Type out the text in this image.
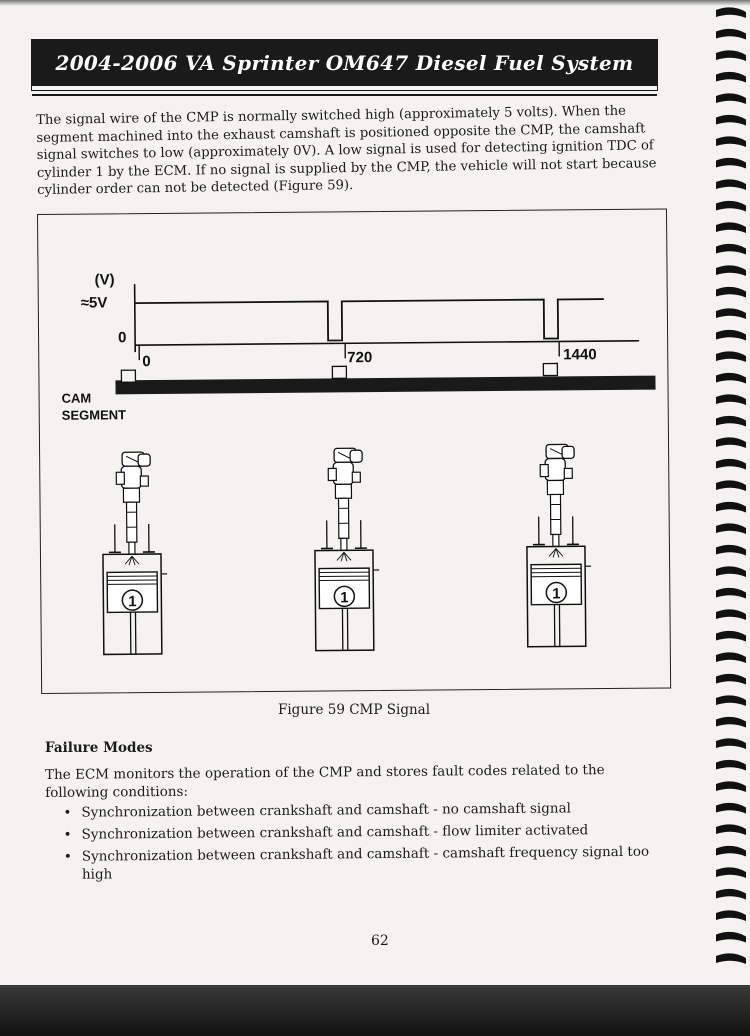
2004-2006 VA Sprinter OM647 Diesel Fuel System

The signal wire of the CMP is normally switched high (approximately 5 volts). When the segment machined into the exhaust camshaft is positioned opposite the CMP, the camshaft signal switches to low (approximately 0V). A low signal is used for detecting ignition TDC of cylinder 1 by the ECM. If no signal is supplied by the CMP, the vehicle will not start because cylinder order can not be detected (Figure 59).

(V)
≈5V
0
0	720	1440
CAM
SEGMENT
1	1	1
Figure 59 CMP Signal
Failure Modes

The ECM monitors the operation of the CMP and stores fault codes related to the following conditions:

• Synchronization between crankshaft and camshaft - no camshaft signal
• Synchronization between crankshaft and camshaft - flow limiter activated
• Synchronization between crankshaft and camshaft - camshaft frequency signal too high
62
